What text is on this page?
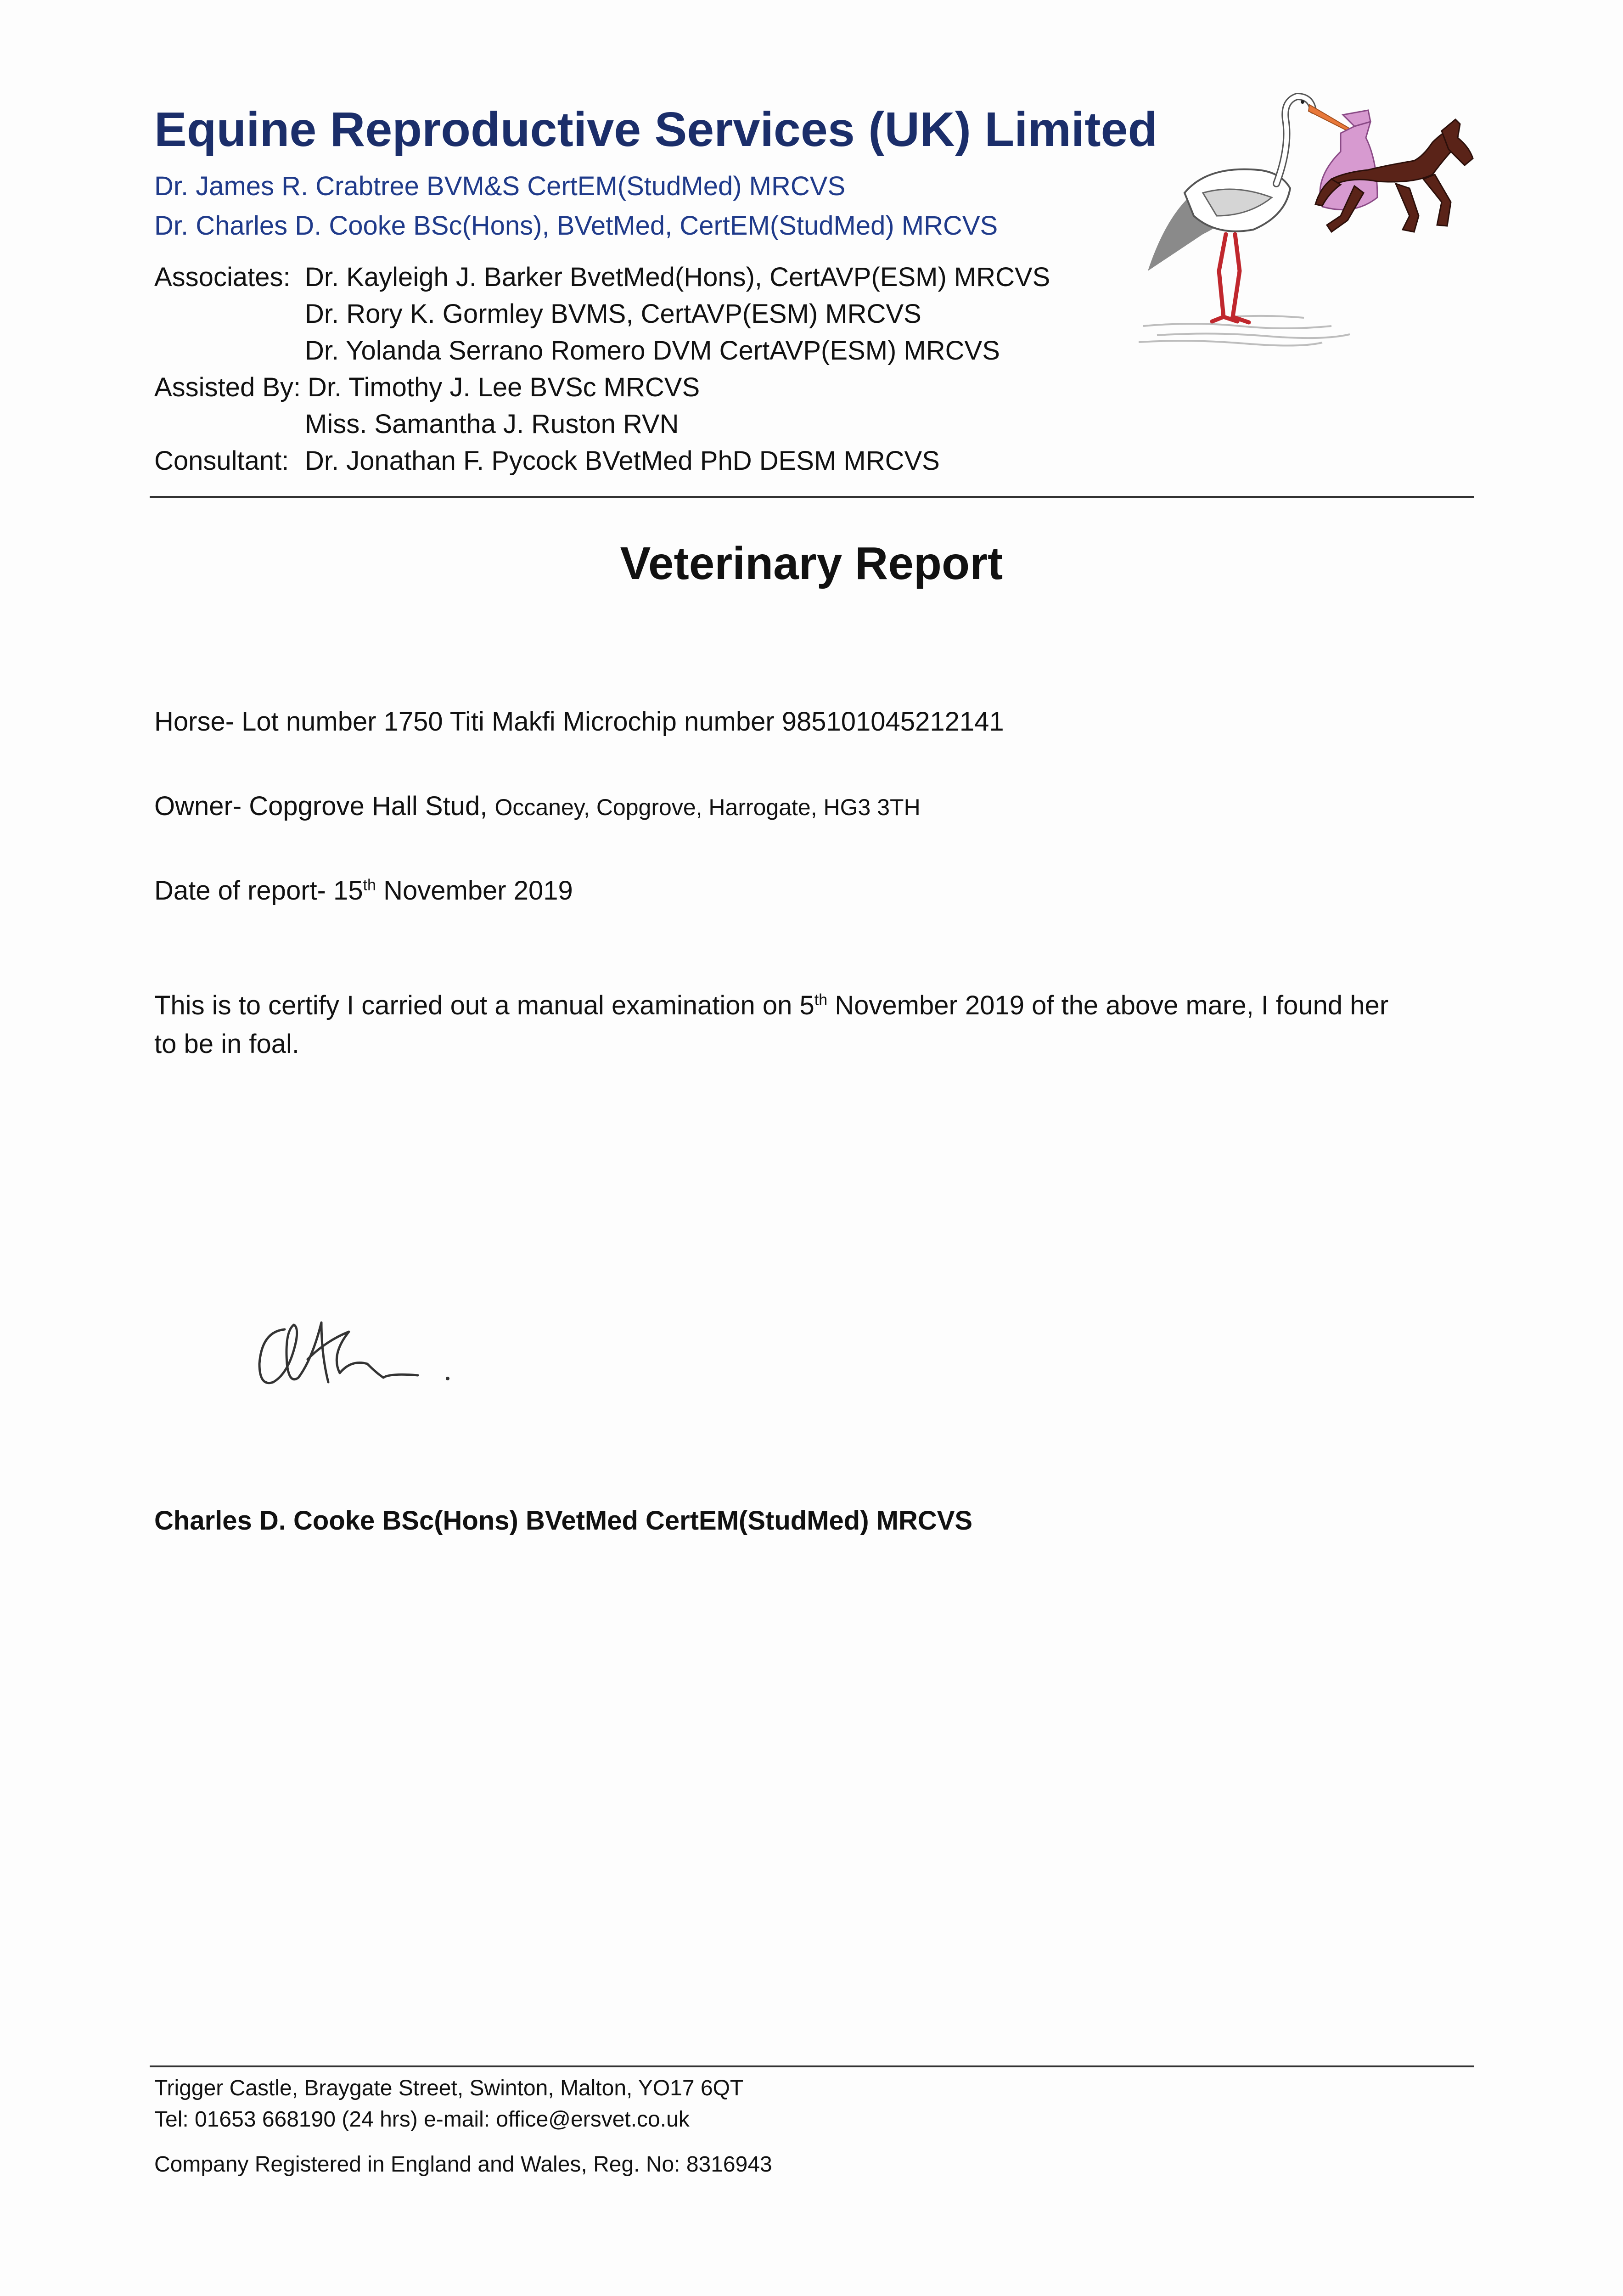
Equine Reproductive Services (UK) Limited
Dr. James R. Crabtree BVM&S CertEM(StudMed) MRCVS
Dr. Charles D. Cooke BSc(Hons), BVetMed, CertEM(StudMed) MRCVS
Associates: Dr. Kayleigh J. Barker BvetMed(Hons), CertAVP(ESM) MRCVS
Dr. Rory K. Gormley BVMS, CertAVP(ESM) MRCVS
Dr. Yolanda Serrano Romero DVM CertAVP(ESM) MRCVS
Assisted By: Dr. Timothy J. Lee BVSc MRCVS
Miss. Samantha J. Ruston RVN
Consultant: Dr. Jonathan F. Pycock BVetMed PhD DESM MRCVS
Veterinary Report
Horse- Lot number 1750 Titi Makfi Microchip number 985101045212141
Owner- Copgrove Hall Stud, Occaney, Copgrove, Harrogate, HG3 3TH
Date of report- 15th November 2019
This is to certify I carried out a manual examination on 5th November 2019 of the above mare, I found her
to be in foal.
Charles D. Cooke BSc(Hons) BVetMed CertEM(StudMed) MRCVS
Trigger Castle, Braygate Street, Swinton, Malton, YO17 6QT
Tel: 01653 668190 (24 hrs) e-mail: office@ersvet.co.uk
Company Registered in England and Wales, Reg. No: 8316943
